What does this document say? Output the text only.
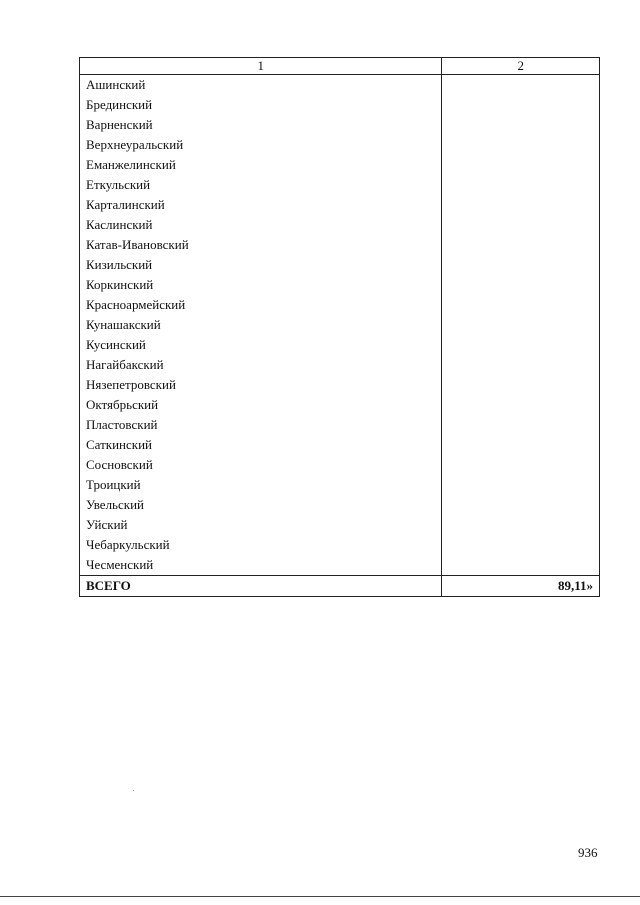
1	2
Ашинский	
Брединский	
Варненский	
Верхнеуральский	
Еманжелинский	
Еткульский	
Карталинский	
Каслинский	
Катав-Ивановский	
Кизильский	
Коркинский	
Красноармейский	
Кунашакский	
Кусинский	
Нагайбакский	
Нязепетровский	
Октябрьский	
Пластовский	
Саткинский	
Сосновский	
Троицкий	
Увельский	
Уйский	
Чебаркульский	
Чесменский	
ВСЕГО	89,11»
936
